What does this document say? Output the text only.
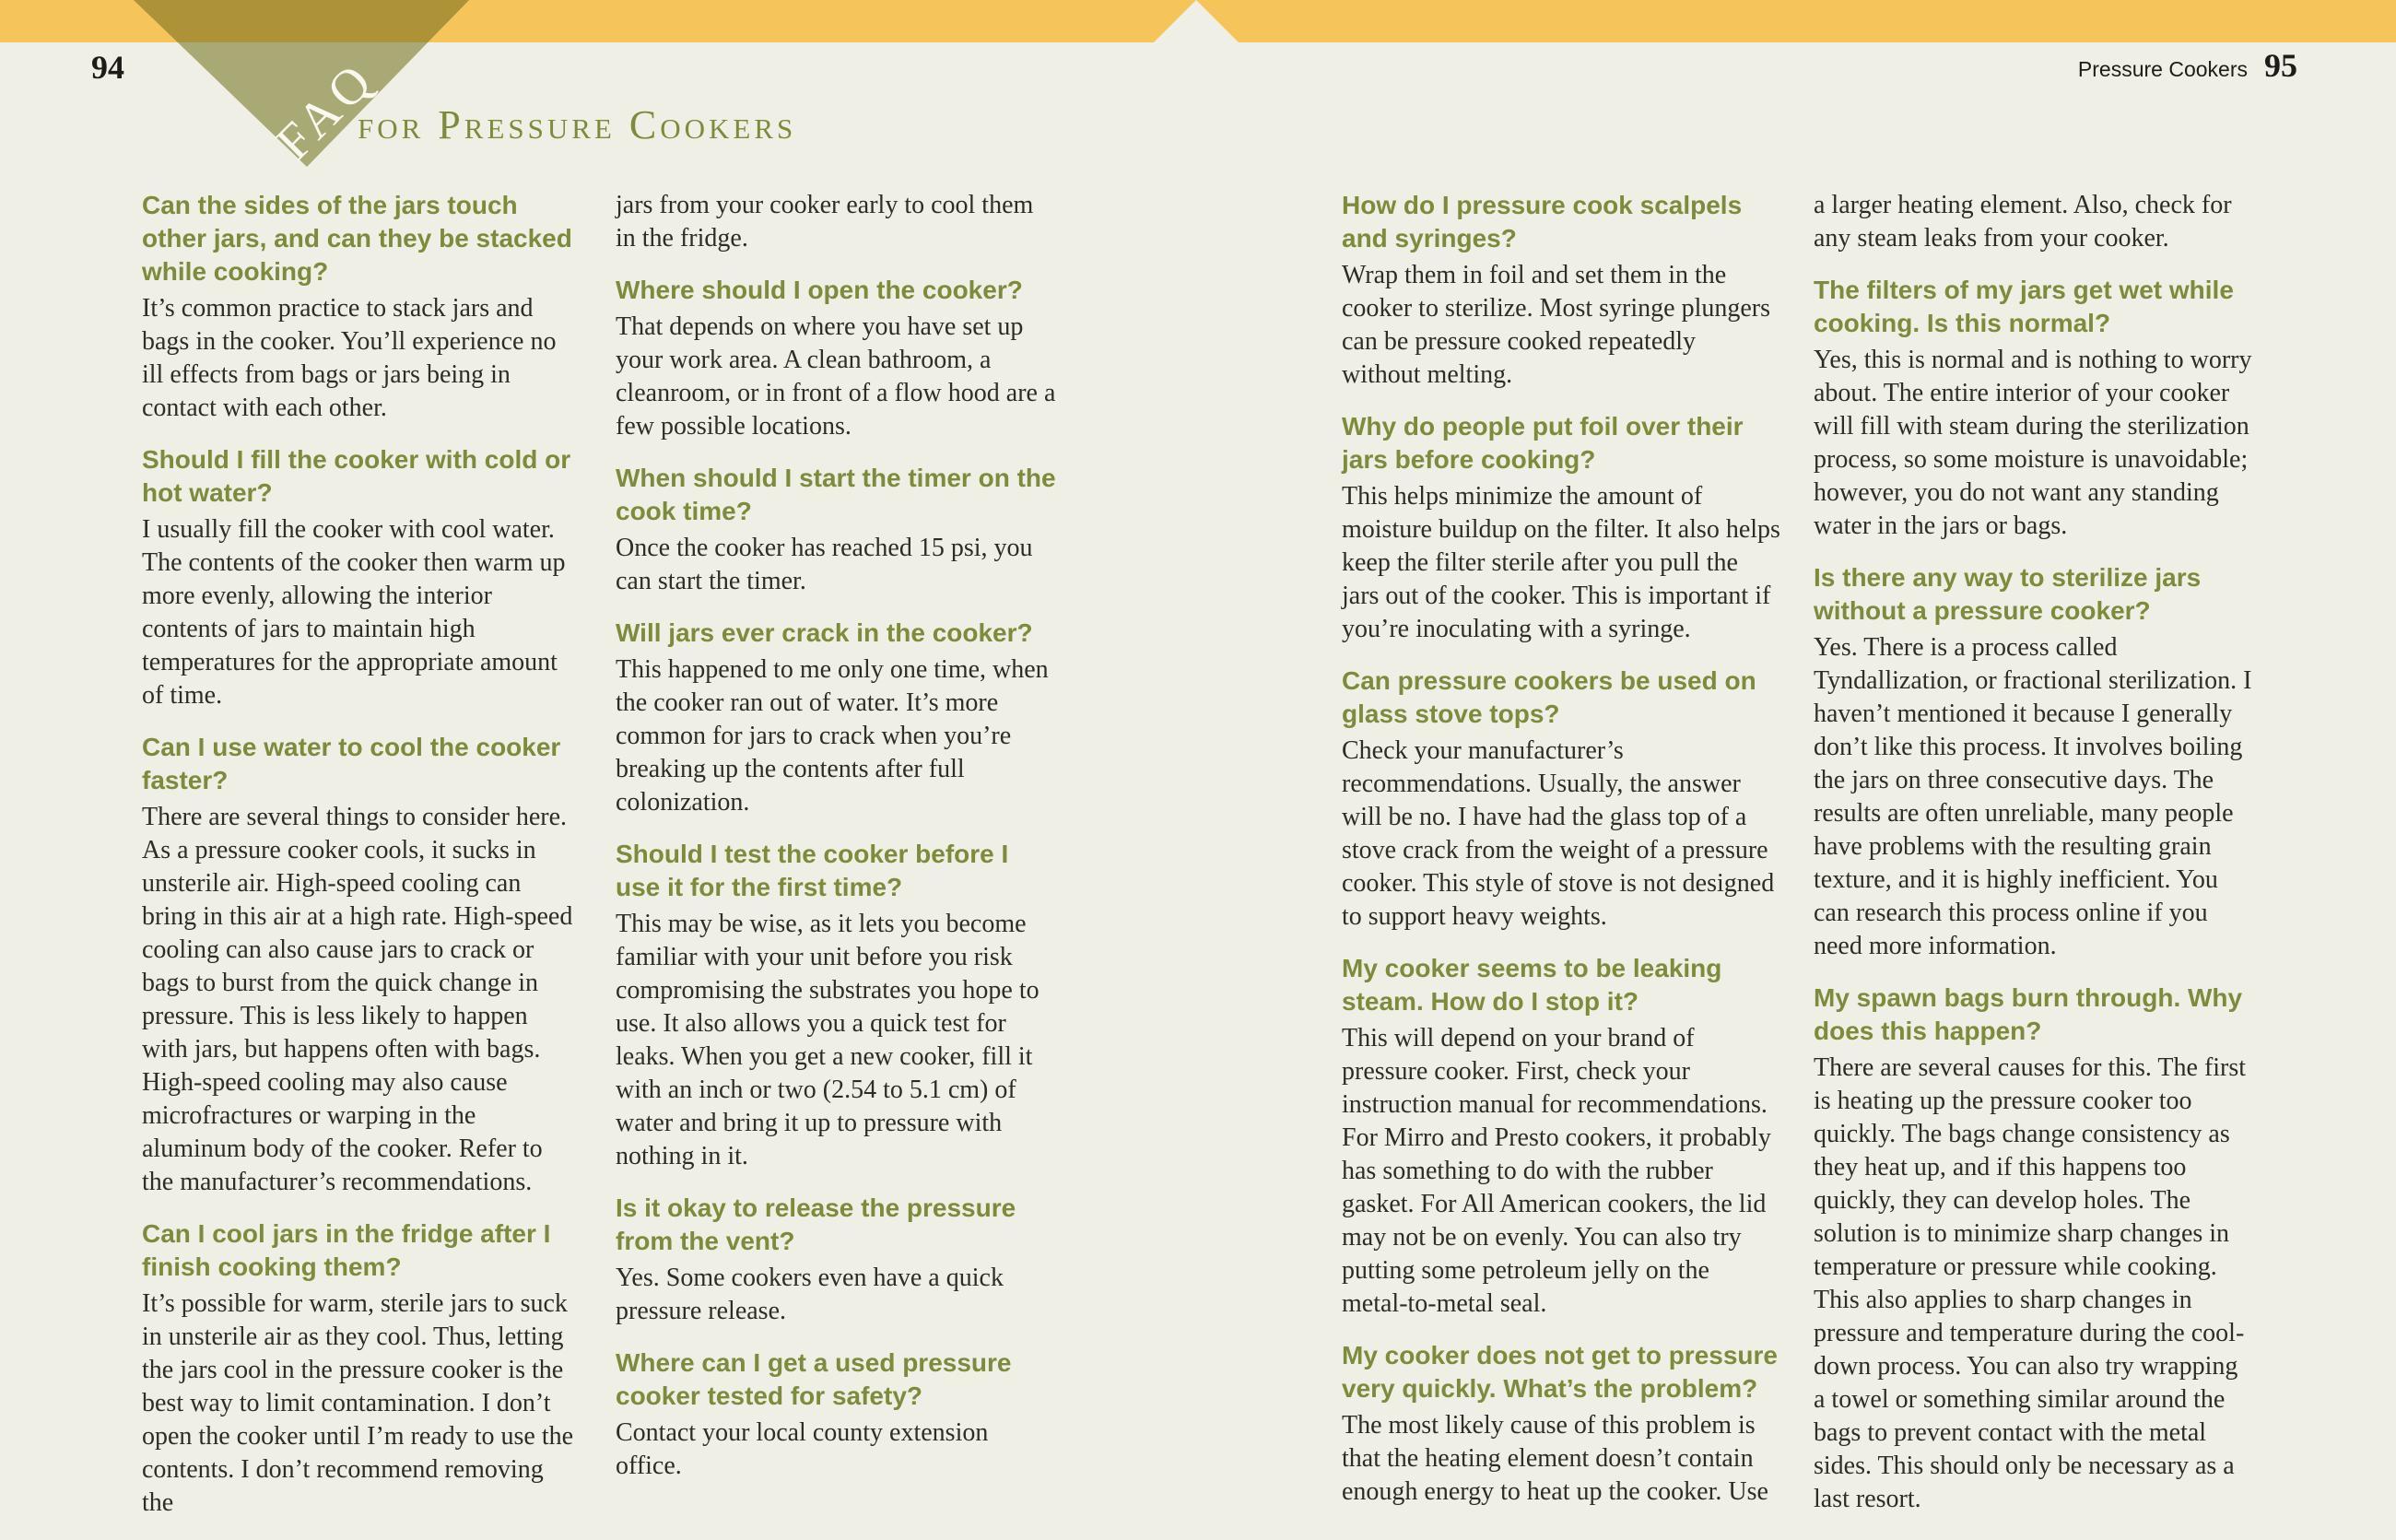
FAQ
94	Pressure Cookers 95
for Pressure Cookers
Can the sides of the jars touch other jars, and can they be stacked while cooking?
It’s common practice to stack jars and bags in the cooker. You’ll experience no ill effects from bags or jars being in contact with each other.
Should I fill the cooker with cold or hot water?
I usually fill the cooker with cool water. The contents of the cooker then warm up more evenly, allowing the interior contents of jars to maintain high temperatures for the appropriate amount of time.
Can I use water to cool the cooker faster?
There are several things to consider here. As a pressure cooker cools, it sucks in unsterile air. High-speed cooling can bring in this air at a high rate. High-speed cooling can also cause jars to crack or bags to burst from the quick change in pressure. This is less likely to happen with jars, but happens often with bags. High-speed cooling may also cause microfractures or warping in the aluminum body of the cooker. Refer to the manufacturer’s recommendations.
Can I cool jars in the fridge after I finish cooking them?
It’s possible for warm, sterile jars to suck in unsterile air as they cool. Thus, letting the jars cool in the pressure cooker is the best way to limit contamination. I don’t open the cooker until I’m ready to use the contents. I don’t recommend removing the
jars from your cooker early to cool them in the fridge.
Where should I open the cooker?
That depends on where you have set up your work area. A clean bathroom, a cleanroom, or in front of a flow hood are a few possible locations.
When should I start the timer on the cook time?
Once the cooker has reached 15 psi, you can start the timer.
Will jars ever crack in the cooker?
This happened to me only one time, when the cooker ran out of water. It’s more common for jars to crack when you’re breaking up the contents after full colonization.
Should I test the cooker before I use it for the first time?
This may be wise, as it lets you become familiar with your unit before you risk compromising the substrates you hope to use. It also allows you a quick test for leaks. When you get a new cooker, fill it with an inch or two (2.54 to 5.1 cm) of water and bring it up to pressure with nothing in it.
Is it okay to release the pressure from the vent?
Yes. Some cookers even have a quick pressure release.
Where can I get a used pressure cooker tested for safety?
Contact your local county extension office.
How do I pressure cook scalpels and syringes?
Wrap them in foil and set them in the cooker to sterilize. Most syringe plungers can be pressure cooked repeatedly without melting.
Why do people put foil over their jars before cooking?
This helps minimize the amount of moisture buildup on the filter. It also helps keep the filter sterile after you pull the jars out of the cooker. This is important if you’re inoculating with a syringe.
Can pressure cookers be used on glass stove tops?
Check your manufacturer’s recommendations. Usually, the answer will be no. I have had the glass top of a stove crack from the weight of a pressure cooker. This style of stove is not designed to support heavy weights.
My cooker seems to be leaking steam. How do I stop it?
This will depend on your brand of pressure cooker. First, check your instruction manual for recommendations. For Mirro and Presto cookers, it probably has something to do with the rubber gasket. For All American cookers, the lid may not be on evenly. You can also try putting some petroleum jelly on the metal-to-metal seal.
My cooker does not get to pressure very quickly. What’s the problem?
The most likely cause of this problem is that the heating element doesn’t contain enough energy to heat up the cooker. Use
a larger heating element. Also, check for any steam leaks from your cooker.
The filters of my jars get wet while cooking. Is this normal?
Yes, this is normal and is nothing to worry about. The entire interior of your cooker will fill with steam during the sterilization process, so some moisture is unavoidable; however, you do not want any standing water in the jars or bags.
Is there any way to sterilize jars without a pressure cooker?
Yes. There is a process called Tyndallization, or fractional sterilization. I haven’t mentioned it because I generally don’t like this process. It involves boiling the jars on three consecutive days. The results are often unreliable, many people have problems with the resulting grain texture, and it is highly inefficient. You can research this process online if you need more information.
My spawn bags burn through. Why does this happen?
There are several causes for this. The first is heating up the pressure cooker too quickly. The bags change consistency as they heat up, and if this happens too quickly, they can develop holes. The solution is to minimize sharp changes in temperature or pressure while cooking. This also applies to sharp changes in pressure and temperature during the cool-down process. You can also try wrapping a towel or something similar around the bags to prevent contact with the metal sides. This should only be necessary as a last resort.
